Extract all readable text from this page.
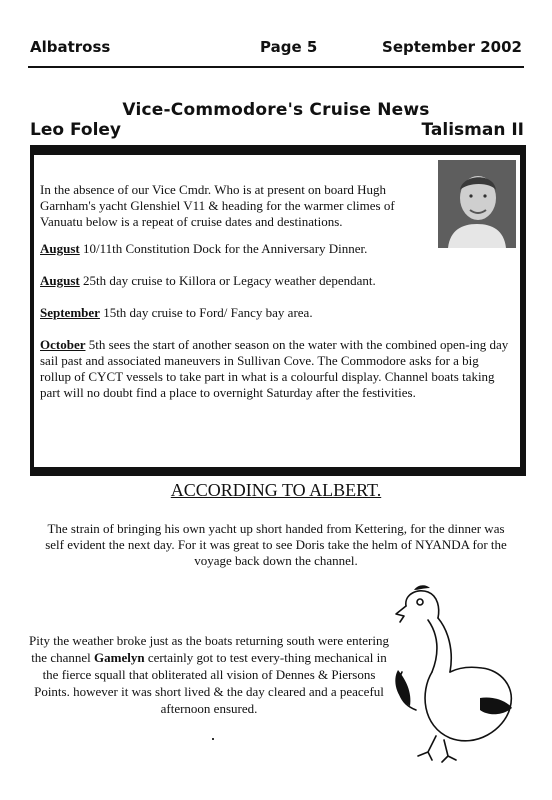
Albatross	Page 5	September 2002
Vice-Commodore's Cruise News
Leo Foley	Talisman II

In the absence of our Vice Cmdr. Who is at present on board Hugh Garnham's yacht Glenshiel V11 & heading for the warmer climes of Vanuatu below is a repeat of cruise dates and destinations.

August 10/11th Constitution Dock for the Anniversary Dinner.

August 25th day cruise to Killora or Legacy weather dependant.

September 15th day cruise to Ford/ Fancy bay area.

October 5th sees the start of another season on the water with the combined open-ing day sail past and associated maneuvers in Sullivan Cove. The Commodore asks for a big rollup of CYCT vessels to take part in what is a colourful display. Channel boats taking part will no doubt find a place to overnight Saturday after the festivities.

ACCORDING TO ALBERT.

The strain of bringing his own yacht up short handed from Kettering, for the dinner was self evident the next day. For it was great to see Doris take the helm of NYANDA for the voyage back down the channel.

Pity the weather broke just as the boats returning south were entering the channel Gamelyn certainly got to test every-thing mechanical in the fierce squall that obliterated all vision of Dennes & Piersons Points. however it was short lived & the day cleared and a peaceful afternoon ensured.
